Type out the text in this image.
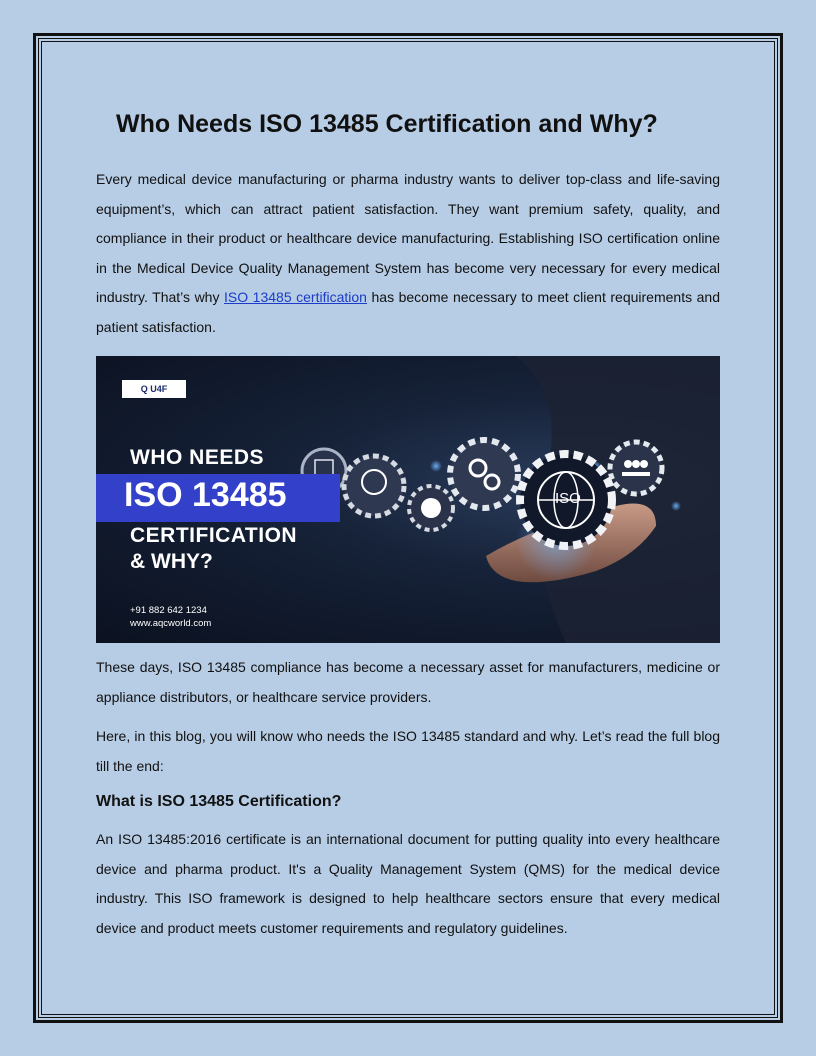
Who Needs ISO 13485 Certification and Why?

Every medical device manufacturing or pharma industry wants to deliver top-class and life-saving equipment’s, which can attract patient satisfaction. They want premium safety, quality, and compliance in their product or healthcare device manufacturing. Establishing ISO certification online in the Medical Device Quality Management System has become very necessary for every medical industry. That’s why ISO 13485 certification has become necessary to meet client requirements and patient satisfaction.

Q U4F
WHO NEEDS
ISO 13485
CERTIFICATION
& WHY?
ISO
+91 882 642 1234
www.aqcworld.com

These days, ISO 13485 compliance has become a necessary asset for manufacturers, medicine or appliance distributors, or healthcare service providers.

Here, in this blog, you will know who needs the ISO 13485 standard and why. Let’s read the full blog till the end:

What is ISO 13485 Certification?

An ISO 13485:2016 certificate is an international document for putting quality into every healthcare device and pharma product. It's a Quality Management System (QMS) for the medical device industry. This ISO framework is designed to help healthcare sectors ensure that every medical device and product meets customer requirements and regulatory guidelines.
